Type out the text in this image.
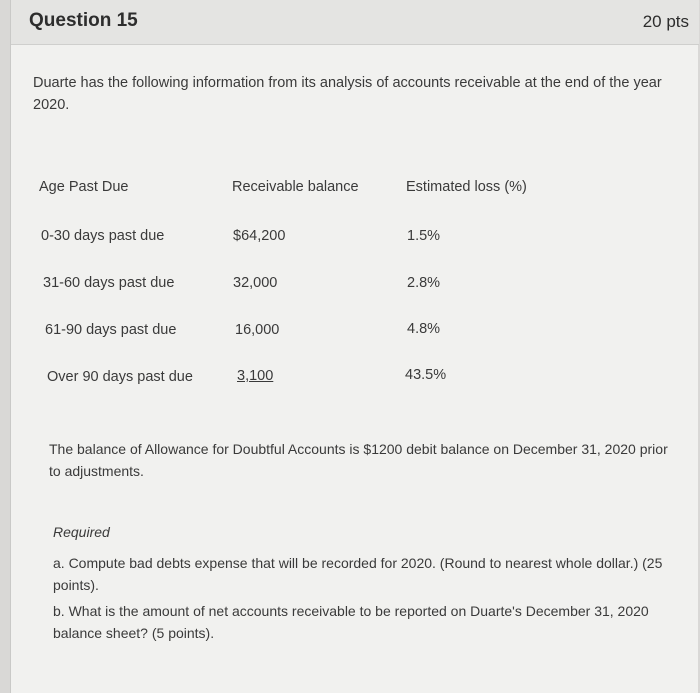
Question 15	20 pts
Duarte has the following information from its analysis of accounts receivable at the end of the year 2020.
Age Past Due	Receivable balance	Estimated loss (%)
0-30 days past due	$64,200	1.5%
31-60 days past due	32,000	2.8%
61-90 days past due	16,000	4.8%
Over 90 days past due	3,100	43.5%
The balance of Allowance for Doubtful Accounts is $1200 debit balance on December 31, 2020 prior to adjustments.
Required
a. Compute bad debts expense that will be recorded for 2020. (Round to nearest whole dollar.) (25 points).
b. What is the amount of net accounts receivable to be reported on Duarte's December 31, 2020 balance sheet? (5 points).
